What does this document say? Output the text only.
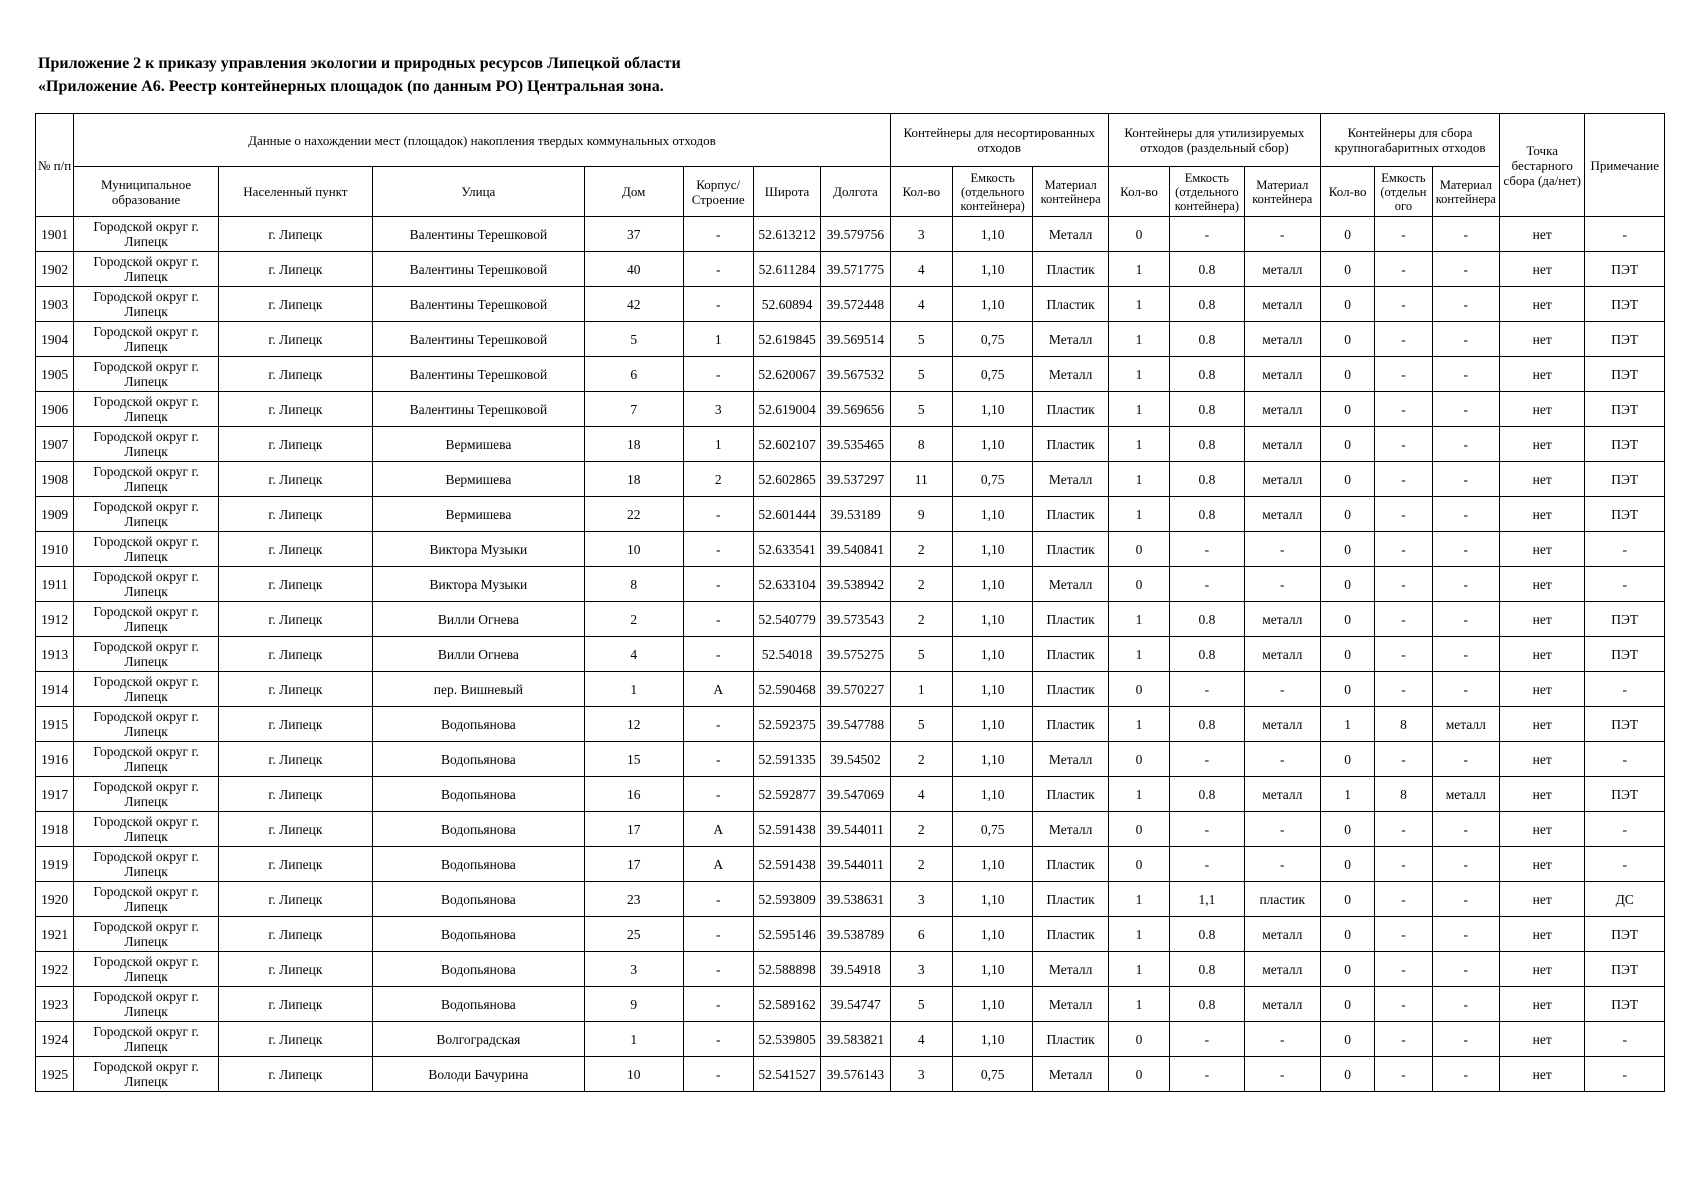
Приложение 2 к приказу управления экологии и природных ресурсов Липецкой области
«Приложение А6. Реестр контейнерных площадок (по данным РО) Центральная зона.
№ п/п	Данные о нахождении мест (площадок) накопления твердых коммунальных отходов							Контейнеры для несортированных отходов			Контейнеры для утилизируемых отходов (раздельный сбор)			Контейнеры для сбора крупногабаритных отходов			Точка бестарного сбора (да/нет)	Примечание
	Муниципальное образование	Населенный пункт	Улица	Дом	Корпус/ Строение	Широта	Долгота	Кол-во	Емкость (отдельного контейнера)	Материал контейнера	Кол-во	Емкость (отдельного контейнера)	Материал контейнера	Кол-во	Емкость (отдельн ого	Материал контейнера		
1901	Городской округ г. Липецк	г. Липецк	Валентины Терешковой	37	-	52.613212	39.579756	3	1,10	Металл	0	-	-	0	-	-	нет	-
1902	Городской округ г. Липецк	г. Липецк	Валентины Терешковой	40	-	52.611284	39.571775	4	1,10	Пластик	1	0.8	металл	0	-	-	нет	ПЭТ
1903	Городской округ г. Липецк	г. Липецк	Валентины Терешковой	42	-	52.60894	39.572448	4	1,10	Пластик	1	0.8	металл	0	-	-	нет	ПЭТ
1904	Городской округ г. Липецк	г. Липецк	Валентины Терешковой	5	1	52.619845	39.569514	5	0,75	Металл	1	0.8	металл	0	-	-	нет	ПЭТ
1905	Городской округ г. Липецк	г. Липецк	Валентины Терешковой	6	-	52.620067	39.567532	5	0,75	Металл	1	0.8	металл	0	-	-	нет	ПЭТ
1906	Городской округ г. Липецк	г. Липецк	Валентины Терешковой	7	3	52.619004	39.569656	5	1,10	Пластик	1	0.8	металл	0	-	-	нет	ПЭТ
1907	Городской округ г. Липецк	г. Липецк	Вермишева	18	1	52.602107	39.535465	8	1,10	Пластик	1	0.8	металл	0	-	-	нет	ПЭТ
1908	Городской округ г. Липецк	г. Липецк	Вермишева	18	2	52.602865	39.537297	11	0,75	Металл	1	0.8	металл	0	-	-	нет	ПЭТ
1909	Городской округ г. Липецк	г. Липецк	Вермишева	22	-	52.601444	39.53189	9	1,10	Пластик	1	0.8	металл	0	-	-	нет	ПЭТ
1910	Городской округ г. Липецк	г. Липецк	Виктора Музыки	10	-	52.633541	39.540841	2	1,10	Пластик	0	-	-	0	-	-	нет	-
1911	Городской округ г. Липецк	г. Липецк	Виктора Музыки	8	-	52.633104	39.538942	2	1,10	Металл	0	-	-	0	-	-	нет	-
1912	Городской округ г. Липецк	г. Липецк	Вилли Огнева	2	-	52.540779	39.573543	2	1,10	Пластик	1	0.8	металл	0	-	-	нет	ПЭТ
1913	Городской округ г. Липецк	г. Липецк	Вилли Огнева	4	-	52.54018	39.575275	5	1,10	Пластик	1	0.8	металл	0	-	-	нет	ПЭТ
1914	Городской округ г. Липецк	г. Липецк	пер. Вишневый	1	А	52.590468	39.570227	1	1,10	Пластик	0	-	-	0	-	-	нет	-
1915	Городской округ г. Липецк	г. Липецк	Водопьянова	12	-	52.592375	39.547788	5	1,10	Пластик	1	0.8	металл	1	8	металл	нет	ПЭТ
1916	Городской округ г. Липецк	г. Липецк	Водопьянова	15	-	52.591335	39.54502	2	1,10	Металл	0	-	-	0	-	-	нет	-
1917	Городской округ г. Липецк	г. Липецк	Водопьянова	16	-	52.592877	39.547069	4	1,10	Пластик	1	0.8	металл	1	8	металл	нет	ПЭТ
1918	Городской округ г. Липецк	г. Липецк	Водопьянова	17	А	52.591438	39.544011	2	0,75	Металл	0	-	-	0	-	-	нет	-
1919	Городской округ г. Липецк	г. Липецк	Водопьянова	17	А	52.591438	39.544011	2	1,10	Пластик	0	-	-	0	-	-	нет	-
1920	Городской округ г. Липецк	г. Липецк	Водопьянова	23	-	52.593809	39.538631	3	1,10	Пластик	1	1,1	пластик	0	-	-	нет	ДС
1921	Городской округ г. Липецк	г. Липецк	Водопьянова	25	-	52.595146	39.538789	6	1,10	Пластик	1	0.8	металл	0	-	-	нет	ПЭТ
1922	Городской округ г. Липецк	г. Липецк	Водопьянова	3	-	52.588898	39.54918	3	1,10	Металл	1	0.8	металл	0	-	-	нет	ПЭТ
1923	Городской округ г. Липецк	г. Липецк	Водопьянова	9	-	52.589162	39.54747	5	1,10	Металл	1	0.8	металл	0	-	-	нет	ПЭТ
1924	Городской округ г. Липецк	г. Липецк	Волгоградская	1	-	52.539805	39.583821	4	1,10	Пластик	0	-	-	0	-	-	нет	-
1925	Городской округ г. Липецк	г. Липецк	Володи Бачурина	10	-	52.541527	39.576143	3	0,75	Металл	0	-	-	0	-	-	нет	-
